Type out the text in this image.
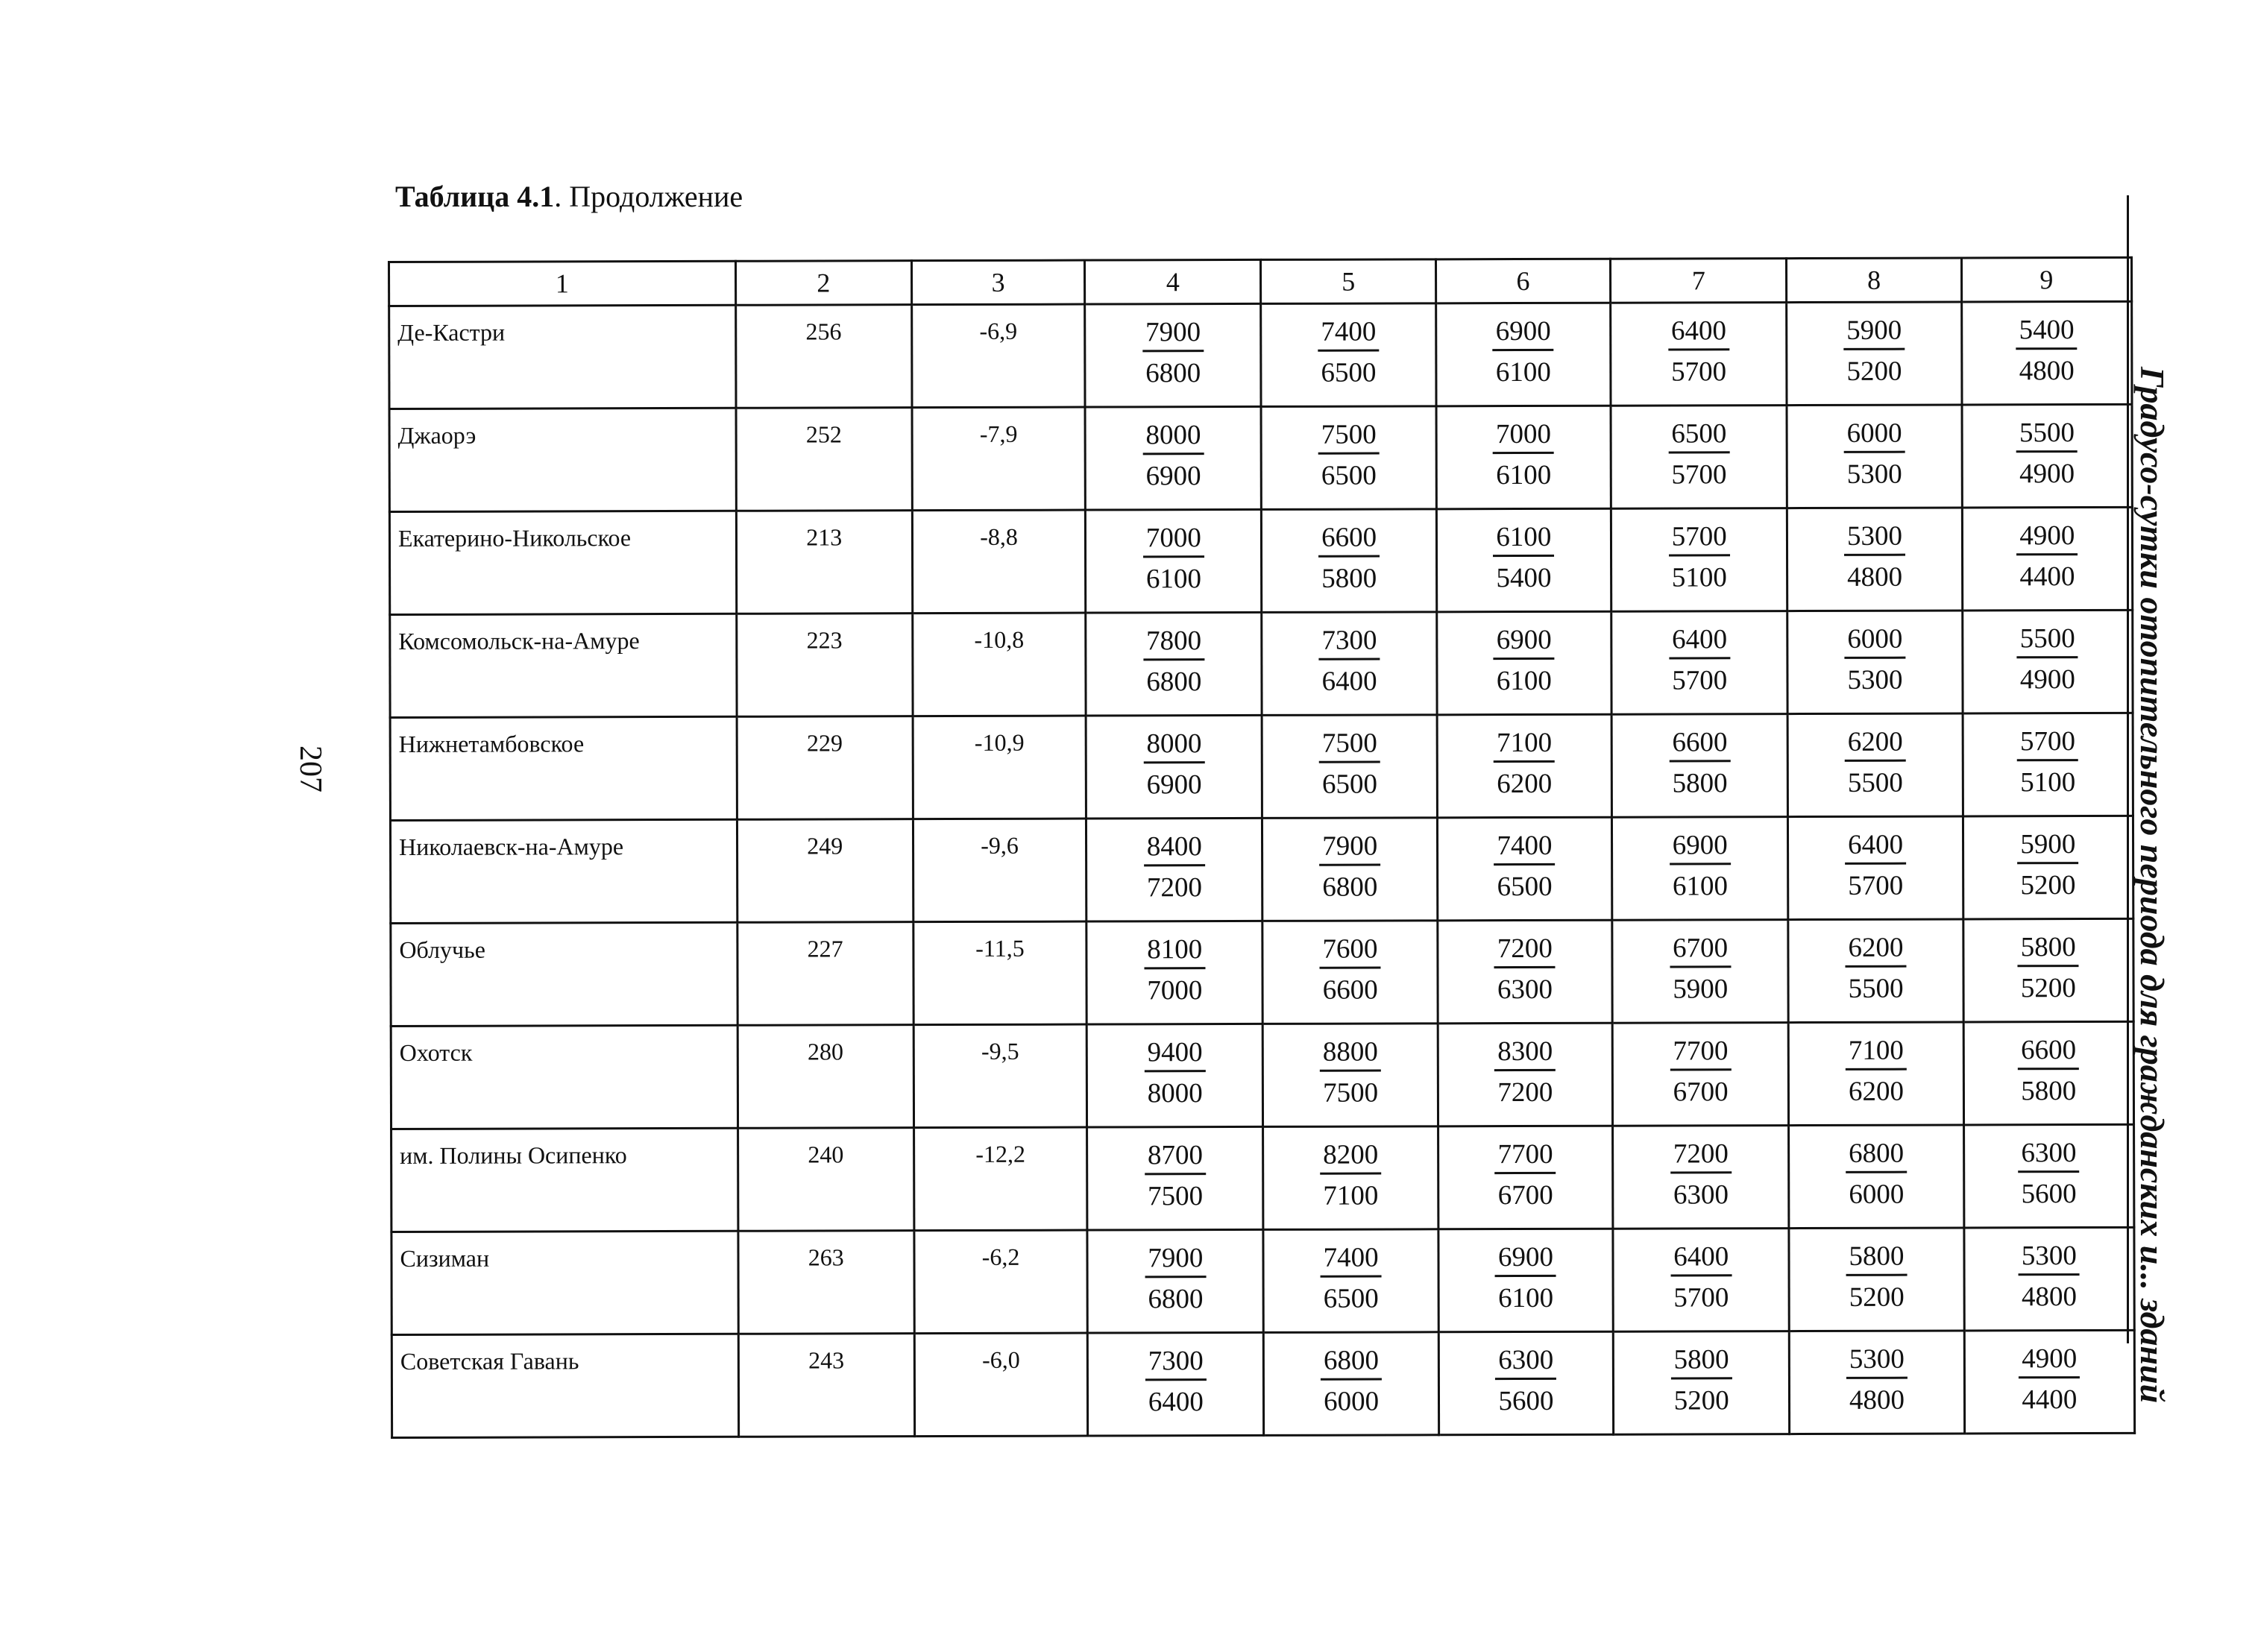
Таблица 4.1. Продолжение
207	Градусо-сутки отопительного периода для гражданских и... зданий
1	2	3	4	5	6	7	8	9
Де-Кастри	256	-6,9	$\frac{7900}{6800}$	$\frac{7400}{6500}$	$\frac{6900}{6100}$	$\frac{6400}{5700}$	$\frac{5900}{5200}$	$\frac{5400}{4800}$

Джаорэ	252	-7,9	$\frac{8000}{6900}$	$\frac{7500}{6500}$	$\frac{7000}{6100}$	$\frac{6500}{5700}$	$\frac{6000}{5300}$	$\frac{5500}{4900}$

Екатерино-Никольское	213	-8,8	$\frac{7000}{6100}$	$\frac{6600}{5800}$	$\frac{6100}{5400}$	$\frac{5700}{5100}$	$\frac{5300}{4800}$	$\frac{4900}{4400}$

Комсомольск-на-Амуре	223	-10,8	$\frac{7800}{6800}$	$\frac{7300}{6400}$	$\frac{6900}{6100}$	$\frac{6400}{5700}$	$\frac{6000}{5300}$	$\frac{5500}{4900}$

Нижнетамбовское	229	-10,9	$\frac{8000}{6900}$	$\frac{7500}{6500}$	$\frac{7100}{6200}$	$\frac{6600}{5800}$	$\frac{6200}{5500}$	$\frac{5700}{5100}$

Николаевск-на-Амуре	249	-9,6	$\frac{8400}{7200}$	$\frac{7900}{6800}$	$\frac{7400}{6500}$	$\frac{6900}{6100}$	$\frac{6400}{5700}$	$\frac{5900}{5200}$

Облучье	227	-11,5	$\frac{8100}{7000}$	$\frac{7600}{6600}$	$\frac{7200}{6300}$	$\frac{6700}{5900}$	$\frac{6200}{5500}$	$\frac{5800}{5200}$

Охотск	280	-9,5	$\frac{9400}{8000}$	$\frac{8800}{7500}$	$\frac{8300}{7200}$	$\frac{7700}{6700}$	$\frac{7100}{6200}$	$\frac{6600}{5800}$

им. Полины Осипенко	240	-12,2	$\frac{8700}{7500}$	$\frac{8200}{7100}$	$\frac{7700}{6700}$	$\frac{7200}{6300}$	$\frac{6800}{6000}$	$\frac{6300}{5600}$

Сизиман	263	-6,2	$\frac{7900}{6800}$	$\frac{7400}{6500}$	$\frac{6900}{6100}$	$\frac{6400}{5700}$	$\frac{5800}{5200}$	$\frac{5300}{4800}$

Советская Гавань	243	-6,0	$\frac{7300}{6400}$	$\frac{6800}{6000}$	$\frac{6300}{5600}$	$\frac{5800}{5200}$	$\frac{5300}{4800}$	$\frac{4900}{4400}$
